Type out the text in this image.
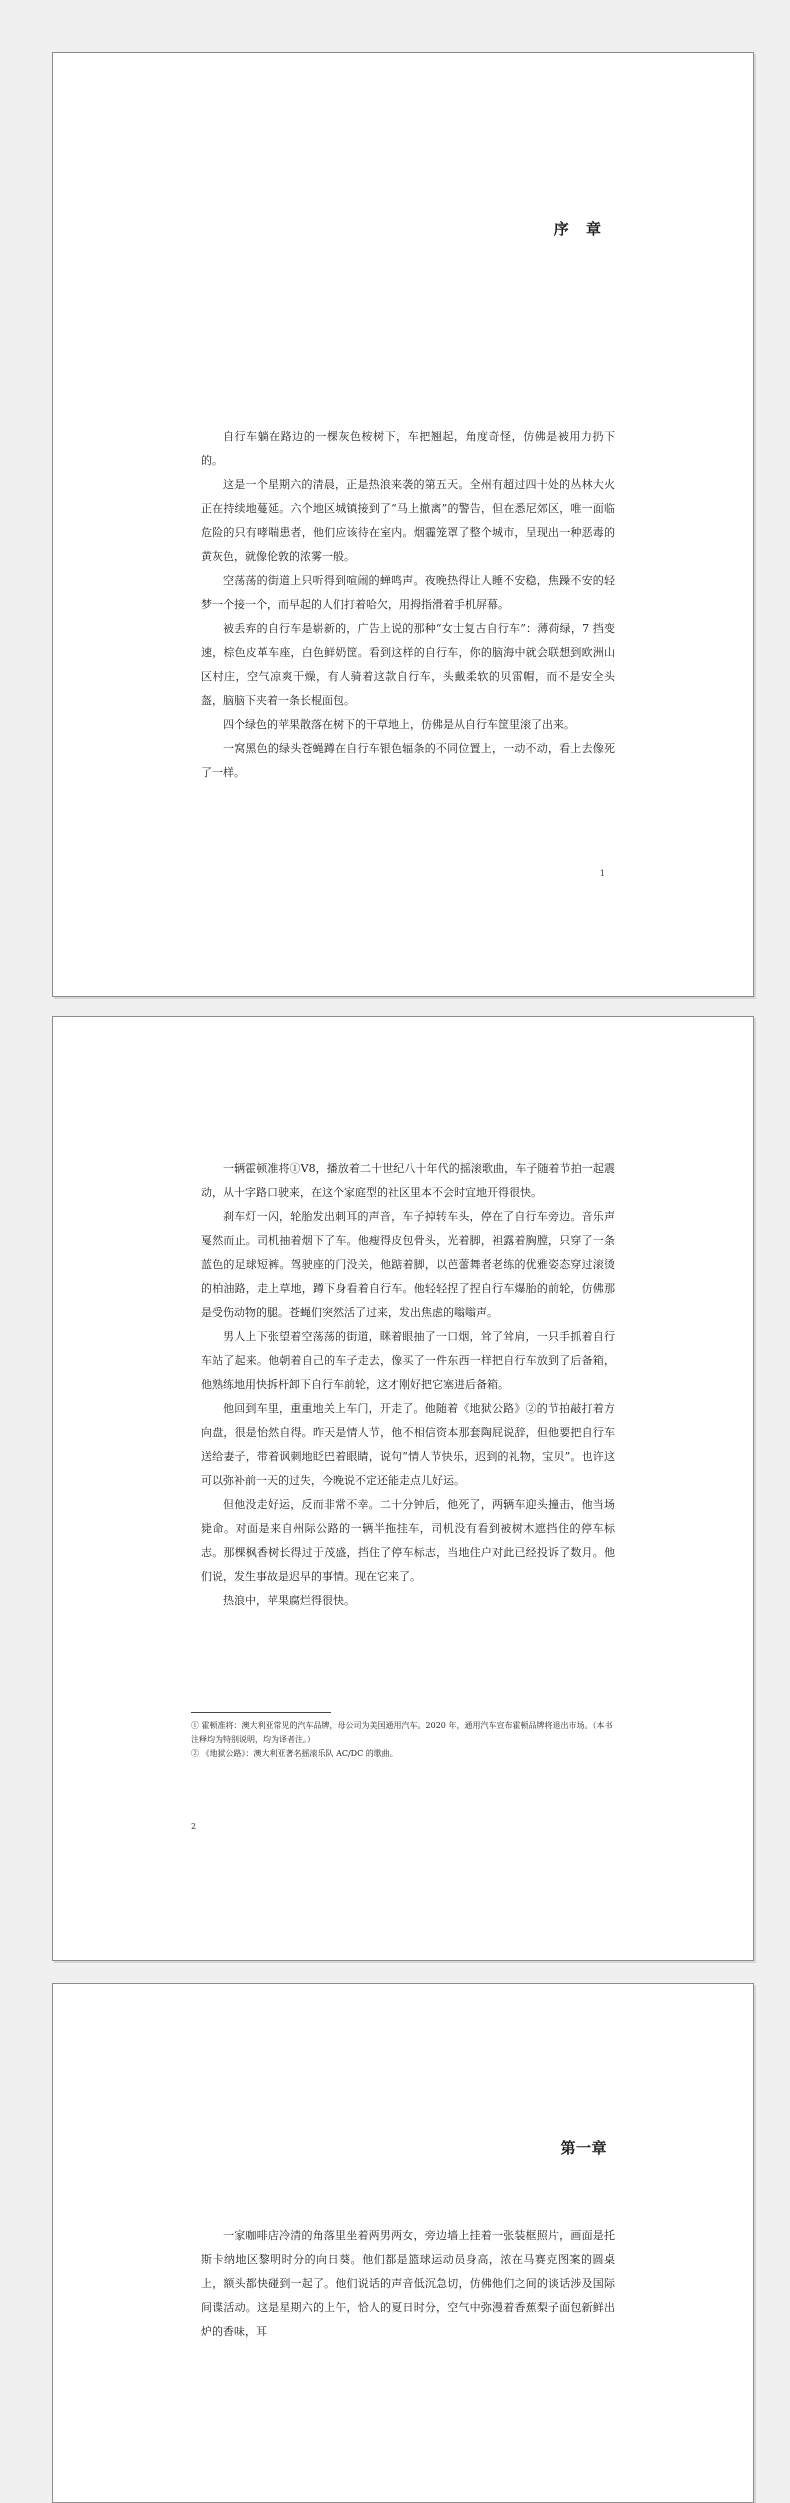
序 章

自行车躺在路边的一棵灰色桉树下，车把翘起，角度奇怪，仿佛是被用力扔下的。

这是一个星期六的清晨，正是热浪来袭的第五天。全州有超过四十处的丛林大火正在持续地蔓延。六个地区城镇接到了“马上撤离”的警告，但在悉尼郊区，唯一面临危险的只有哮喘患者，他们应该待在室内。烟霾笼罩了整个城市，呈现出一种恶毒的黄灰色，就像伦敦的浓雾一般。

空荡荡的街道上只听得到喧闹的蝉鸣声。夜晚热得让人睡不安稳，焦躁不安的轻梦一个接一个，而早起的人们打着哈欠，用拇指滑着手机屏幕。

被丢弃的自行车是崭新的，广告上说的那种“女士复古自行车”：薄荷绿，7 挡变速，棕色皮革车座，白色鲜奶筐。看到这样的自行车，你的脑海中就会联想到欧洲山区村庄，空气凉爽干燥，有人骑着这款自行车，头戴柔软的贝雷帽，而不是安全头盔，脑脑下夹着一条长棍面包。

四个绿色的苹果散落在树下的干草地上，仿佛是从自行车筐里滚了出来。

一窝黑色的绿头苍蝇蹲在自行车银色辐条的不同位置上，一动不动，看上去像死了一样。

1

一辆霍顿准将①V8，播放着二十世纪八十年代的摇滚歌曲，车子随着节拍一起震动，从十字路口驶来，在这个家庭型的社区里本不会时宜地开得很快。

刹车灯一闪，轮胎发出刺耳的声音，车子掉转车头，停在了自行车旁边。音乐声戛然而止。司机抽着烟下了车。他瘦得皮包骨头，光着脚，袒露着胸膛，只穿了一条蓝色的足球短裤。驾驶座的门没关，他踮着脚，以芭蕾舞者老练的优雅姿态穿过滚烫的柏油路，走上草地，蹲下身看着自行车。他轻轻捏了捏自行车爆胎的前轮，仿佛那是受伤动物的腿。苍蝇们突然活了过来，发出焦虑的嗡嗡声。

男人上下张望着空荡荡的街道，眯着眼抽了一口烟，耸了耸肩，一只手抓着自行车站了起来。他朝着自己的车子走去，像买了一件东西一样把自行车放到了后备箱，他熟练地用快拆杆卸下自行车前轮，这才刚好把它塞进后备箱。

他回到车里，重重地关上车门，开走了。他随着《地狱公路》②的节拍敲打着方向盘，很是怡然自得。昨天是情人节，他不相信资本那套陶屁说辞，但他要把自行车送给妻子，带着讽刺地眨巴着眼睛，说句“情人节快乐，迟到的礼物，宝贝”。也许这可以弥补前一天的过失，今晚说不定还能走点儿好运。

但他没走好运，反而非常不幸。二十分钟后，他死了，两辆车迎头撞击，他当场毙命。对面是来自州际公路的一辆半拖挂车，司机没有看到被树木遮挡住的停车标志。那棵枫香树长得过于茂盛，挡住了停车标志，当地住户对此已经投诉了数月。他们说，发生事故是迟早的事情。现在它来了。

热浪中，苹果腐烂得很快。

① 霍顿准将：澳大利亚常见的汽车品牌，母公司为美国通用汽车。2020 年，通用汽车宣布霍顿品牌将退出市场。（本书注释均为特别说明，均为译者注。）

② 《地狱公路》：澳大利亚著名摇滚乐队 AC/DC 的歌曲。

2
第一章

一家咖啡店冷清的角落里坐着两男两女，旁边墙上挂着一张装框照片，画面是托斯卡纳地区黎明时分的向日葵。他们都是篮球运动员身高，浓在马赛克图案的圆桌上，额头都快碰到一起了。他们说话的声音低沉急切，仿佛他们之间的谈话涉及国际间谍活动。这是星期六的上午，恰人的夏日时分，空气中弥漫着香蕉梨子面包新鲜出炉的香味，耳
